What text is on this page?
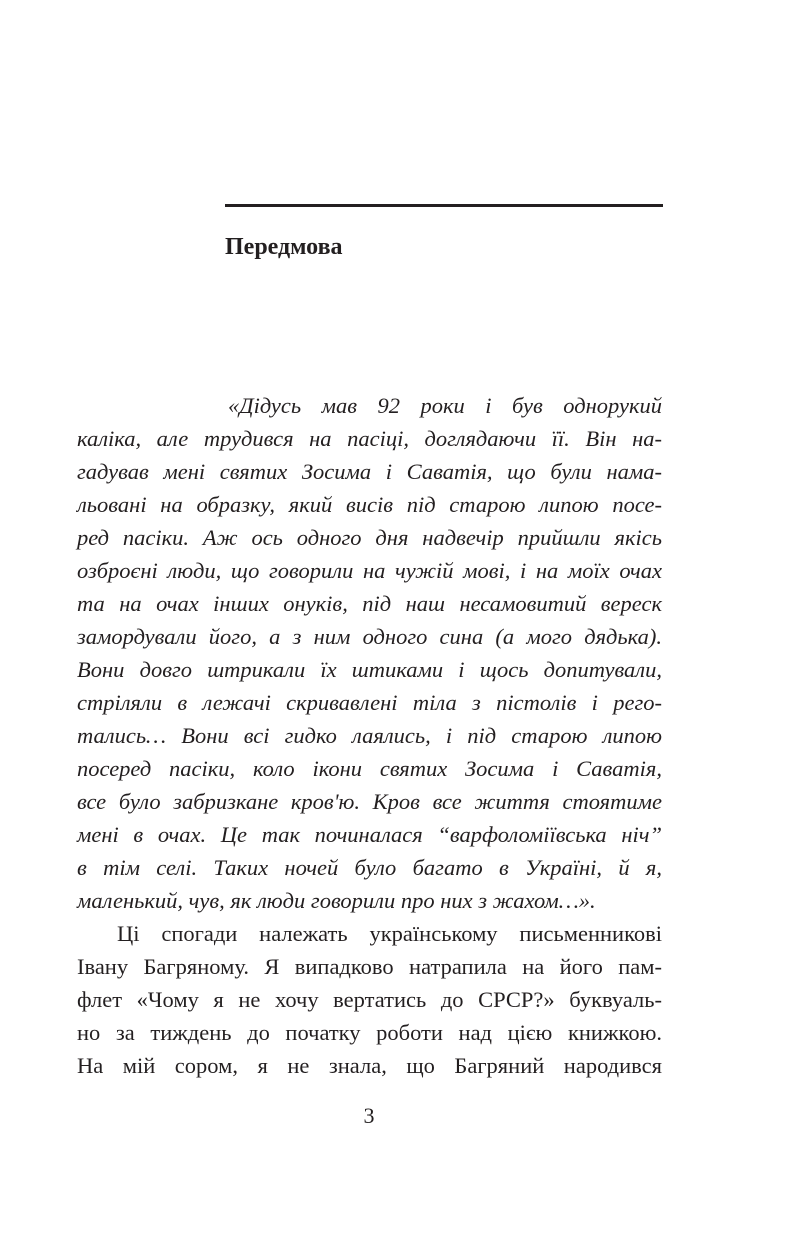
Передмова
«Дідусь мав 92 роки і був однорукий
каліка, але трудився на пасіці, доглядаючи її. Він на-
гадував мені святих Зосима і Саватія, що були нама-
льовані на образку, який висів під старою липою посе-
ред пасіки. Аж ось одного дня надвечір прийшли якісь
озброєні люди, що говорили на чужій мові, і на моїх очах
та на очах інших онуків, під наш несамовитий вереск
замордували його, а з ним одного сина (а мого дядька).
Вони довго штрикали їх штиками і щось допитували,
стріляли в лежачі скривавлені тіла з пістолів і рего-
тались… Вони всі гидко лаялись, і під старою липою
посеред пасіки, коло ікони святих Зосима і Саватія,
все було забризкане кров'ю. Кров все життя стоятиме
мені в очах. Це так починалася “варфоломіївська ніч”
в тім селі. Таких ночей було багато в Україні, й я,
маленький, чув, як люди говорили про них з жахом…».
Ці спогади належать українському письменникові
Івану Багряному. Я випадково натрапила на його пам-
флет «Чому я не хочу вертатись до СРСР?» буквуаль-
но за тиждень до початку роботи над цією книжкою.
На мій сором, я не знала, що Багряний народився
3
